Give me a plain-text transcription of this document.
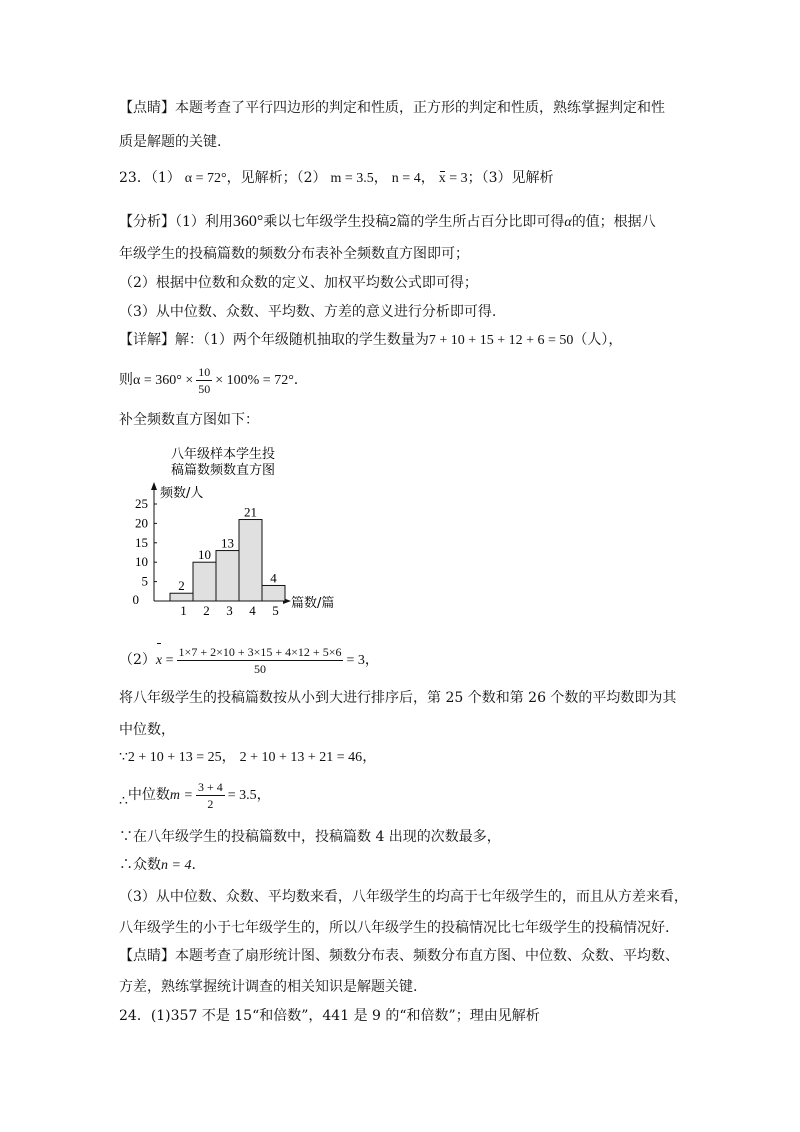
【点睛】本题考查了平行四边形的判定和性质，正方形的判定和性质，熟练掌握判定和性
质是解题的关键.
23．（1） α = 72°，见解析；（2） m = 3.5， n = 4， x = 3；（3）见解析
【分析】（1）利用360°乘以七年级学生投稿2篇的学生所占百分比即可得α的值；根据八
年级学生的投稿篇数的频数分布表补全频数直方图即可；
（2）根据中位数和众数的定义、加权平均数公式即可得；
（3）从中位数、众数、平均数、方差的意义进行分析即可得.
【详解】解：（1）两个年级随机抽取的学生数量为7 + 10 + 15 + 12 + 6 = 50（人），
则$\alpha = 360^\circ \times \frac{10}{50} \times 100\% = 72^\circ$.
补全频数直方图如下：
八年级样本学生投
稿篇数频数直方图
频数/人
篇数/篇
0
5
10
15
20
25
1 2 3 4 5
2
10
13
21
4
$(2)x = \frac{1\times 7 + 2\times 10 + 3\times 15 + 4\times 12 + 5\times 6}{50} = 3$，
将八年级学生的投稿篇数按从小到大进行排序后，第 25 个数和第 26 个数的平均数即为其
中位数，
∵2 + 10 + 13 = 25， 2 + 10 + 13 + 21 = 46，
∴中位数$m = \frac{3 + 4}{2} = 3.5$，
∵在八年级学生的投稿篇数中，投稿篇数 4 出现的次数最多，
∴众数n = 4.
（3）从中位数、众数、平均数来看，八年级学生的均高于七年级学生的，而且从方差来看，
八年级学生的小于七年级学生的，所以八年级学生的投稿情况比七年级学生的投稿情况好.
【点睛】本题考查了扇形统计图、频数分布表、频数分布直方图、中位数、众数、平均数、
方差，熟练掌握统计调查的相关知识是解题关键.
24．(1)357 不是 15“和倍数”，441 是 9 的“和倍数”；理由见解析
